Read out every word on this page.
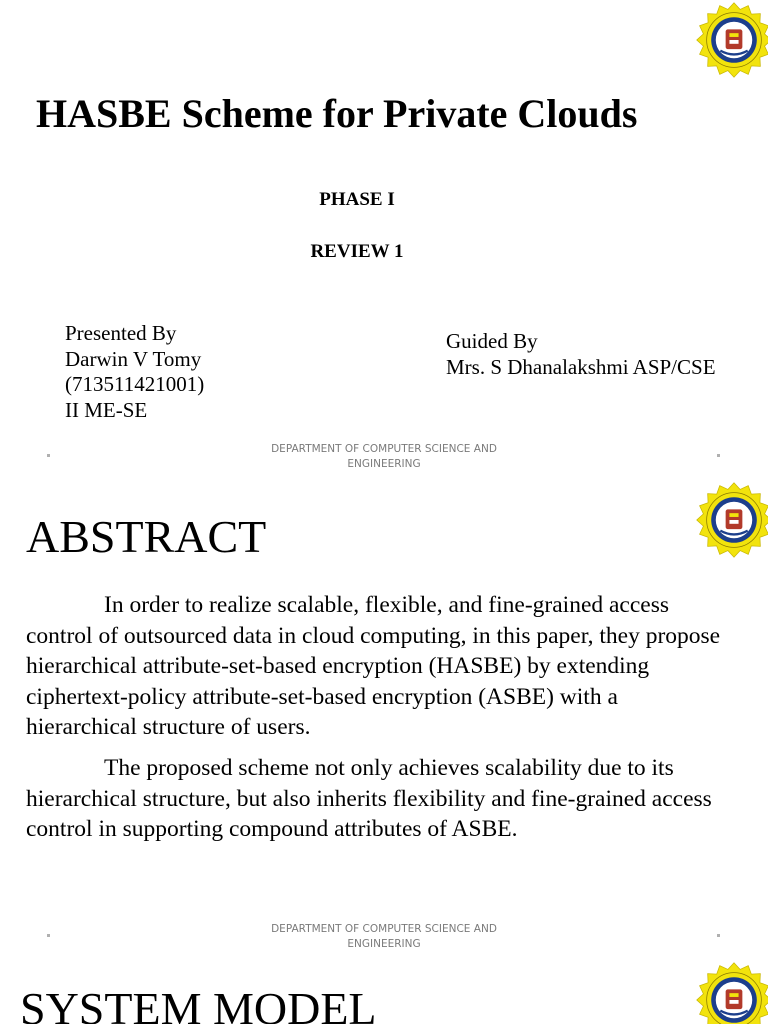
HASBE Scheme for Private Clouds
PHASE I
REVIEW 1
Presented By
Darwin V Tomy
(713511421001)
II ME-SE
Guided By
Mrs. S Dhanalakshmi ASP/CSE
DEPARTMENT OF COMPUTER SCIENCE AND
ENGINEERING
ABSTRACT

In order to realize scalable, flexible, and fine-grained access control of outsourced data in cloud computing, in this paper, they propose hierarchical attribute-set-based encryption (HASBE) by extending ciphertext-policy attribute-set-based encryption (ASBE) with a hierarchical structure of users.

The proposed scheme not only achieves scalability due to its hierarchical structure, but also inherits flexibility and fine-grained access control in supporting compound attributes of ASBE.

DEPARTMENT OF COMPUTER SCIENCE AND
ENGINEERING
SYSTEM MODEL
